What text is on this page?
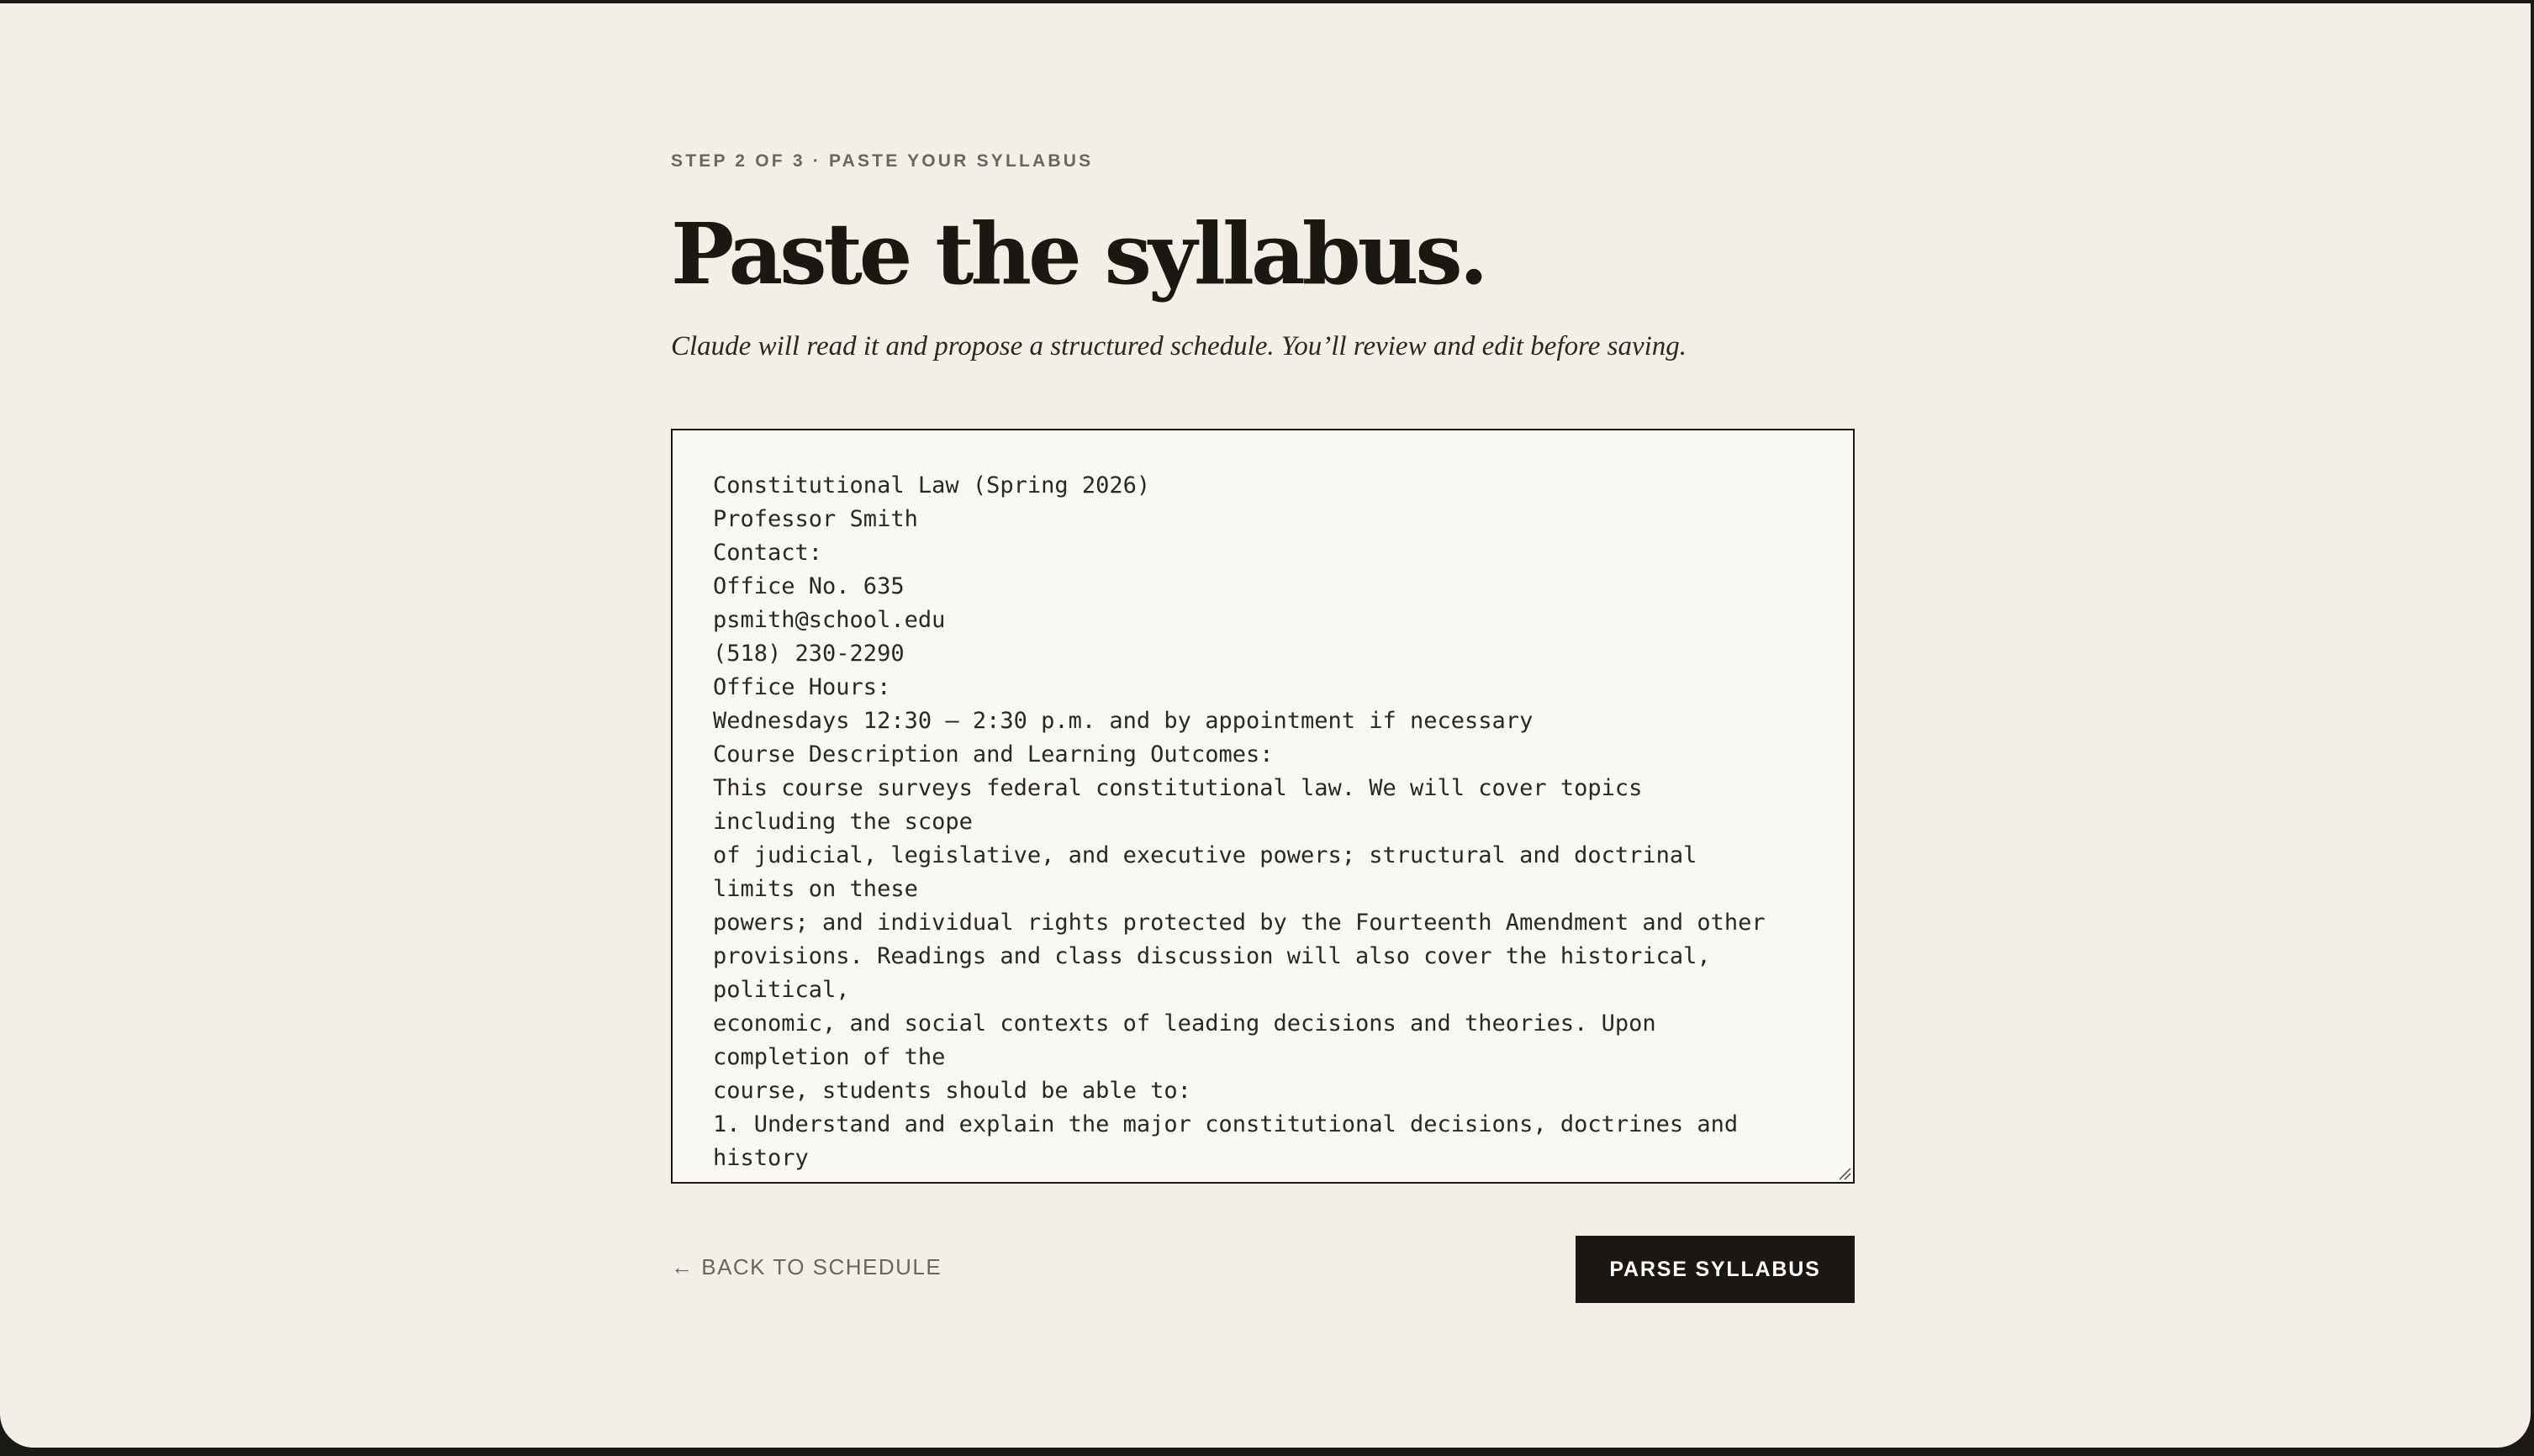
STEP 2 OF 3 · PASTE YOUR SYLLABUS
Paste the syllabus.
Claude will read it and propose a structured schedule. You’ll review and edit before saving.
Constitutional Law (Spring 2026)
Professor Smith
Contact:
Office No. 635
psmith@school.edu
(518) 230-2290
Office Hours:
Wednesdays 12:30 – 2:30 p.m. and by appointment if necessary
Course Description and Learning Outcomes:
This course surveys federal constitutional law. We will cover topics
including the scope
of judicial, legislative, and executive powers; structural and doctrinal
limits on these
powers; and individual rights protected by the Fourteenth Amendment and other
provisions. Readings and class discussion will also cover the historical,
political,
economic, and social contexts of leading decisions and theories. Upon
completion of the
course, students should be able to:
1. Understand and explain the major constitutional decisions, doctrines and
history
← BACK TO SCHEDULE	PARSE SYLLABUS
